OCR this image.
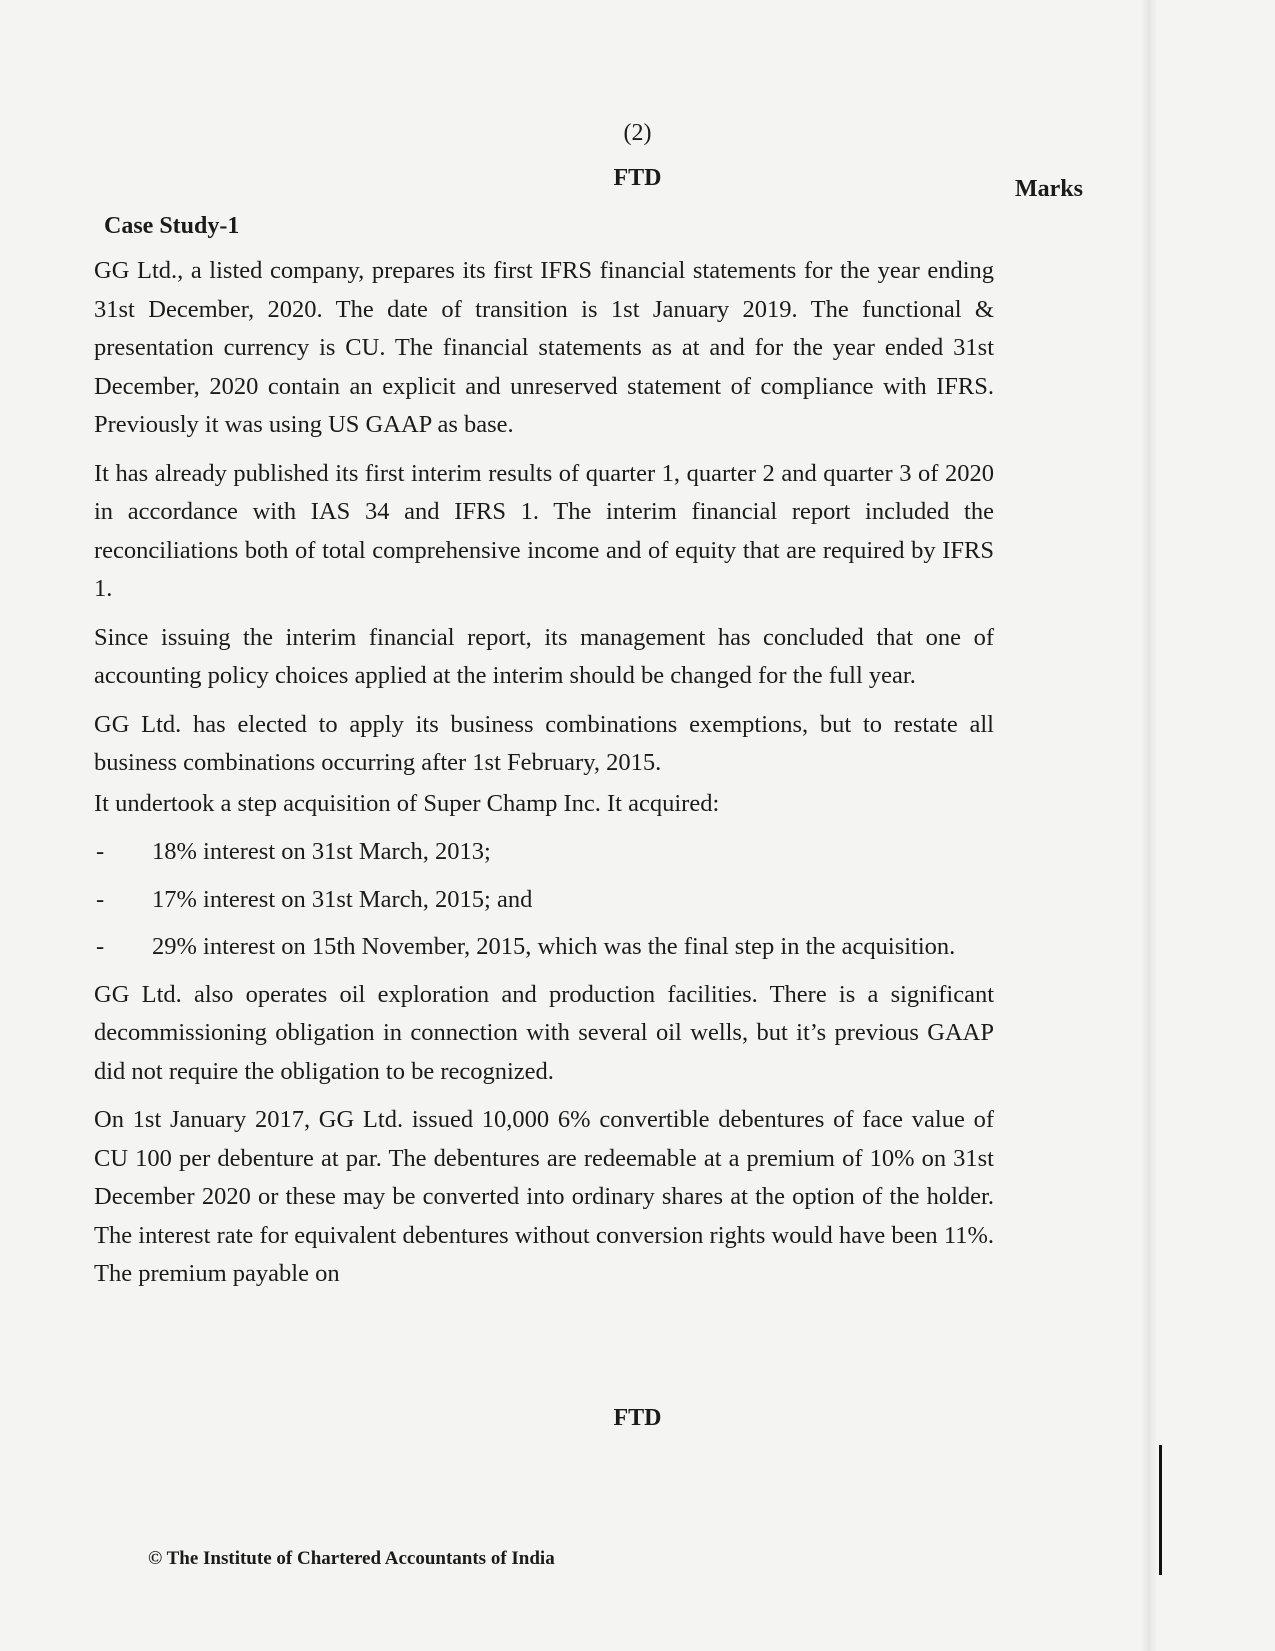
(2)
FTD	Marks
Case Study-1

GG Ltd., a listed company, prepares its first IFRS financial statements for the year ending 31st December, 2020. The date of transition is 1st January 2019. The functional & presentation currency is CU. The financial statements as at and for the year ended 31st December, 2020 contain an explicit and unreserved statement of compliance with IFRS. Previously it was using US GAAP as base.

It has already published its first interim results of quarter 1, quarter 2 and quarter 3 of 2020 in accordance with IAS 34 and IFRS 1. The interim financial report included the reconciliations both of total comprehensive income and of equity that are required by IFRS 1.

Since issuing the interim financial report, its management has concluded that one of accounting policy choices applied at the interim should be changed for the full year.

GG Ltd. has elected to apply its business combinations exemptions, but to restate all business combinations occurring after 1st February, 2015.

It undertook a step acquisition of Super Champ Inc. It acquired:

- 18% interest on 31st March, 2013;
- 17% interest on 31st March, 2015; and
- 29% interest on 15th November, 2015, which was the final step in the acquisition.

GG Ltd. also operates oil exploration and production facilities. There is a significant decommissioning obligation in connection with several oil wells, but it’s previous GAAP did not require the obligation to be recognized.

On 1st January 2017, GG Ltd. issued 10,000 6% convertible debentures of face value of CU 100 per debenture at par. The debentures are redeemable at a premium of 10% on 31st December 2020 or these may be converted into ordinary shares at the option of the holder. The interest rate for equivalent debentures without conversion rights would have been 11%. The premium payable on

FTD
© The Institute of Chartered Accountants of India
